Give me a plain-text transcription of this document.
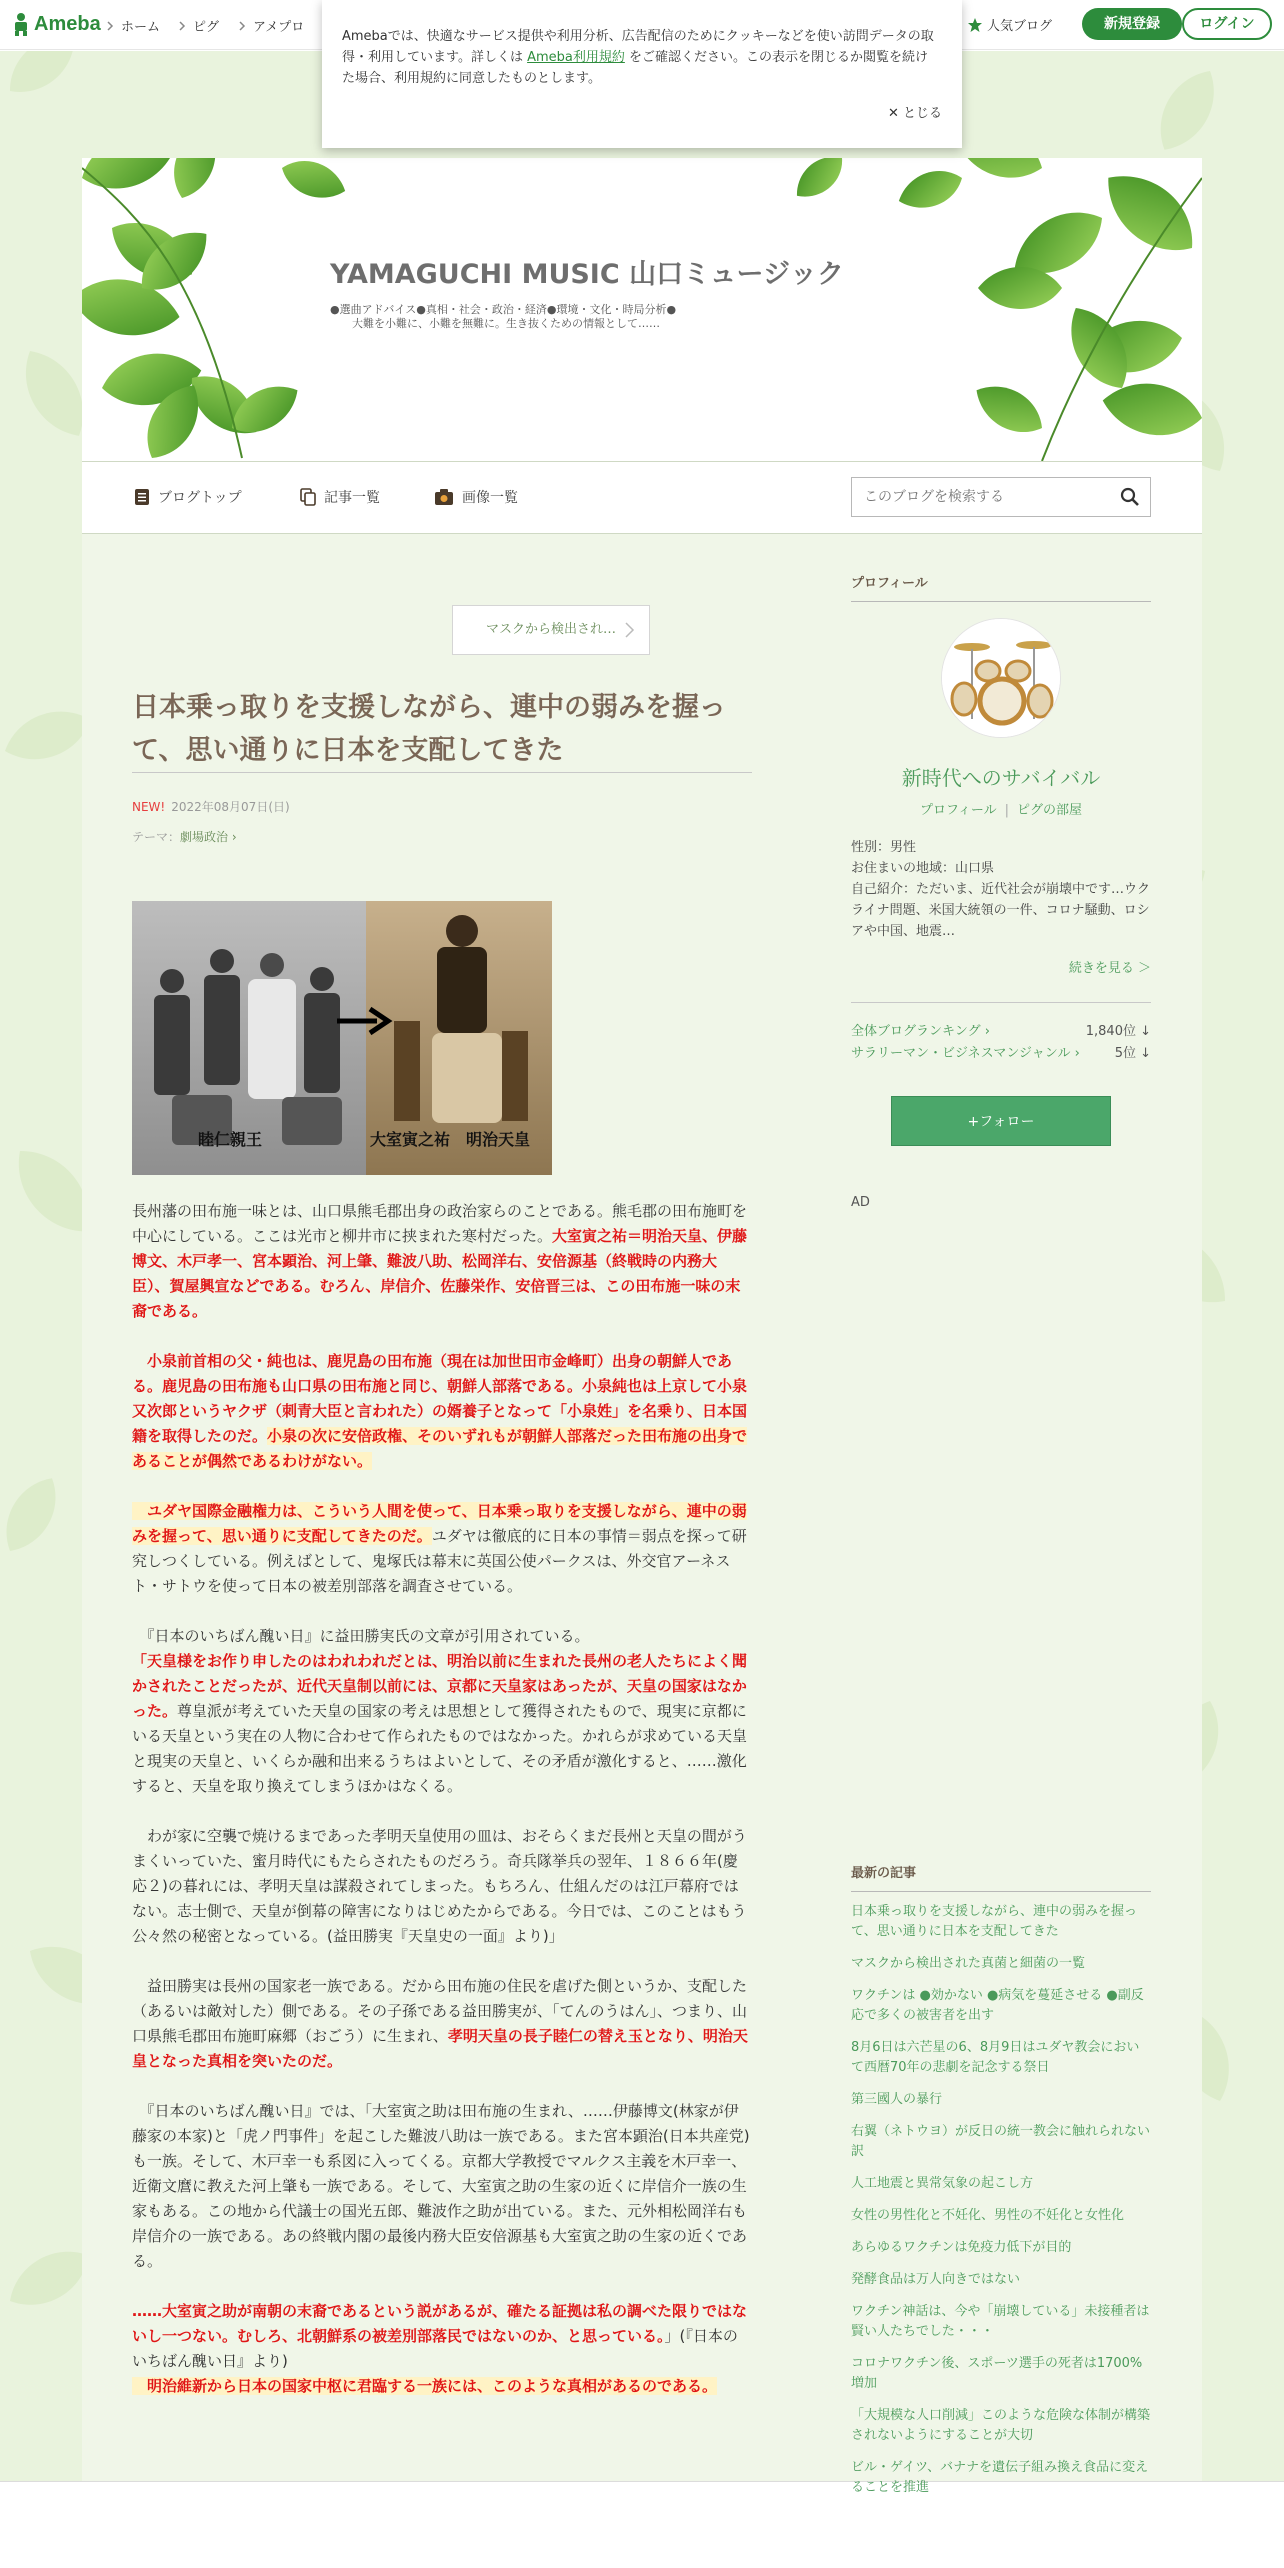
Ameba ホーム	ピグ	アメプロ	人気ブログ	新規登録	ログイン

Amebaでは、快適なサービス提供や利用分析、広告配信のためにクッキーなどを使い訪問データの取得・利用しています。詳しくは Ameba利用規約 をご確認ください。この表示を閉じるか閲覧を続けた場合、利用規約に同意したものとします。

✕ とじる
YAMAGUCHI MUSIC 山口ミュージック
●選曲アドバイス●真相・社会・政治・経済●環境・文化・時局分析●
大難を小難に、小難を無難に。生き抜くための情報として……
ブログトップ	記事一覧	画像一覧
このブログを検索する
マスクから検出され…
日本乗っ取りを支援しながら、連中の弱みを握って、思い通りに日本を支配してきた
NEW! 2022年08月07日(日)
テーマ：劇場政治 ›
睦仁親王	大室寅之祐　明治天皇

長州藩の田布施一味とは、山口県熊毛郡出身の政治家らのことである。熊毛郡の田布施町を中心にしている。ここは光市と柳井市に挟まれた寒村だった。大室寅之祐＝明治天皇、伊藤博文、木戸孝一、宮本顕治、河上肇、難波八助、松岡洋右、安倍源基（終戦時の内務大臣）、賀屋興宣などである。むろん、岸信介、佐藤栄作、安倍晋三は、この田布施一味の末裔である。

　小泉前首相の父・純也は、鹿児島の田布施（現在は加世田市金峰町）出身の朝鮮人である。鹿児島の田布施も山口県の田布施と同じ、朝鮮人部落である。小泉純也は上京して小泉又次郎というヤクザ（刺青大臣と言われた）の婿養子となって「小泉姓」を名乗り、日本国籍を取得したのだ。小泉の次に安倍政権、そのいずれもが朝鮮人部落だった田布施の出身であることが偶然であるわけがない。

　ユダヤ国際金融権力は、こういう人間を使って、日本乗っ取りを支援しながら、連中の弱みを握って、思い通りに支配してきたのだ。ユダヤは徹底的に日本の事情＝弱点を探って研究しつくしている。例えばとして、鬼塚氏は幕末に英国公使パークスは、外交官アーネスト・サトウを使って日本の被差別部落を調査させている。

　『日本のいちばん醜い日』に益田勝実氏の文章が引用されている。
「天皇様をお作り申したのはわれわれだとは、明治以前に生まれた長州の老人たちによく聞かされたことだったが、近代天皇制以前には、京都に天皇家はあったが、天皇の国家はなかった。尊皇派が考えていた天皇の国家の考えは思想として獲得されたもので、現実に京都にいる天皇という実在の人物に合わせて作られたものではなかった。かれらが求めている天皇と現実の天皇と、いくらか融和出来るうちはよいとして、その矛盾が激化すると、……激化すると、天皇を取り換えてしまうほかはなくる。

　わが家に空襲で焼けるまであった孝明天皇使用の皿は、おそらくまだ長州と天皇の間がうまくいっていた、蜜月時代にもたらされたものだろう。奇兵隊挙兵の翌年、１８６６年(慶応２)の暮れには、孝明天皇は謀殺されてしまった。もちろん、仕組んだのは江戸幕府ではない。志士側で、天皇が倒幕の障害になりはじめたからである。今日では、このことはもう公々然の秘密となっている。(益田勝実『天皇史の一面』より)」

　益田勝実は長州の国家老一族である。だから田布施の住民を虐げた側というか、支配した（あるいは敵対した）側である。その子孫である益田勝実が、「てんのうはん」、つまり、山口県熊毛郡田布施町麻郷（おごう）に生まれ、孝明天皇の長子睦仁の替え玉となり、明治天皇となった真相を突いたのだ。

　『日本のいちばん醜い日』では、「大室寅之助は田布施の生まれ、……伊藤博文(林家が伊藤家の本家)と「虎ノ門事件」を起こした難波八助は一族である。また宮本顕治(日本共産党)も一族。そして、木戸幸一も系図に入ってくる。京都大学教授でマルクス主義を木戸幸一、近衛文麿に教えた河上肇も一族である。そして、大室寅之助の生家の近くに岸信介一族の生家もある。この地から代議士の国光五郎、難波作之助が出ている。また、元外相松岡洋右も岸信介の一族である。あの終戦内閣の最後内務大臣安倍源基も大室寅之助の生家の近くである。

……大室寅之助が南朝の末裔であるという説があるが、確たる証拠は私の調べた限りではないし一つない。むしろ、北朝鮮系の被差別部落民ではないのか、と思っている。」(『日本のいちばん醜い日』より)
　明治維新から日本の国家中枢に君臨する一族には、このような真相があるのである。

プロフィール
新時代へのサバイバル
プロフィール | ピグの部屋
性別：男性
お住まいの地域：山口県
自己紹介：ただいま、近代社会が崩壊中です…ウクライナ問題、米国大統領の一件、コロナ騒動、ロシアや中国、地震…
続きを見る ＞
全体ブログランキング ›	1,840位 ↓
サラリーマン・ビジネスマンジャンル ›	5位 ↓
+フォロー
AD
最新の記事
日本乗っ取りを支援しながら、連中の弱みを握って、思い通りに日本を支配してきた
マスクから検出された真菌と細菌の一覧
ワクチンは ●効かない ●病気を蔓延させる ●副反応で多くの被害者を出す
8月6日は六芒星の6、8月9日はユダヤ教会において西暦70年の悲劇を記念する祭日
第三國人の暴行
右翼（ネトウヨ）が反日の統一教会に触れられない訳
人工地震と異常気象の起こし方
女性の男性化と不妊化、男性の不妊化と女性化
あらゆるワクチンは免疫力低下が目的
発酵食品は万人向きではない
ワクチン神話は、今や「崩壊している」未接種者は賢い人たちでした・・・
コロナワクチン後、スポーツ選手の死者は1700%増加
「大規模な人口削減」このような危険な体制が構築されないようにすることが大切
ビル・ゲイツ、バナナを遺伝子組み換え食品に変えることを推進
